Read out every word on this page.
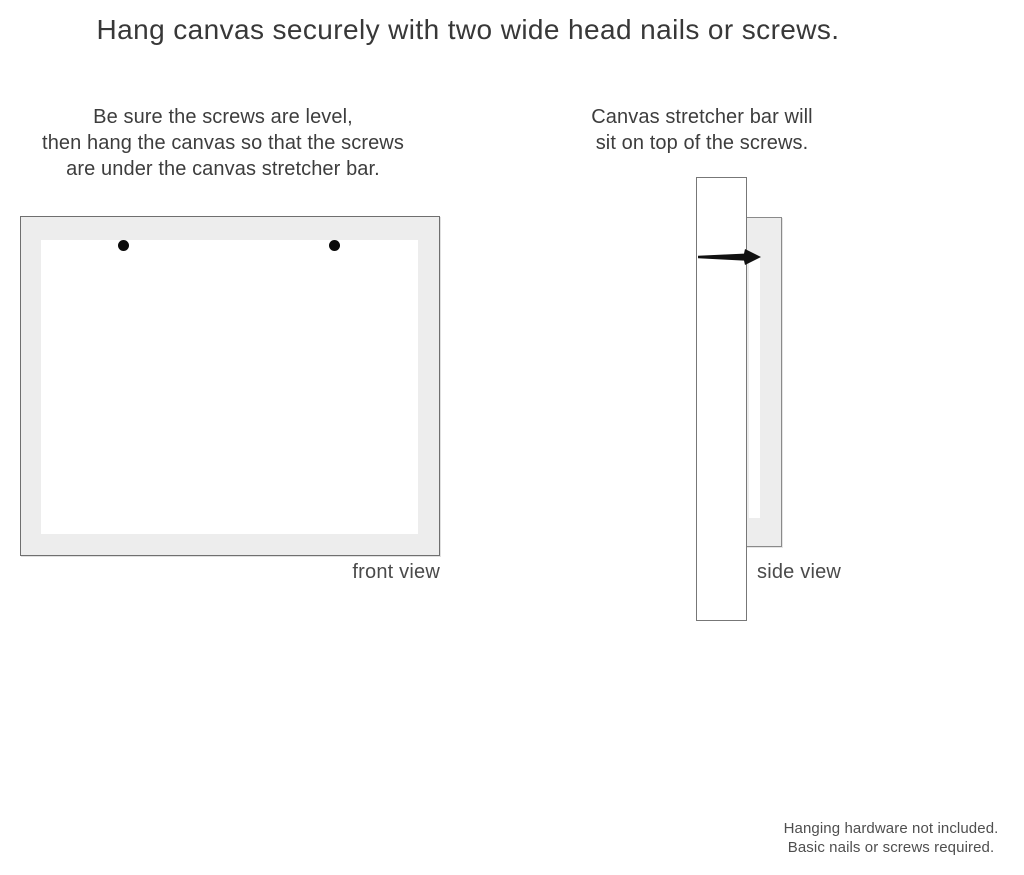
Hang canvas securely with two wide head nails or screws.
Be sure the screws are level,
then hang the canvas so that the screws
are under the canvas stretcher bar.
Canvas stretcher bar will
sit on top of the screws.
front view	side view
Hanging hardware not included.
Basic nails or screws required.
